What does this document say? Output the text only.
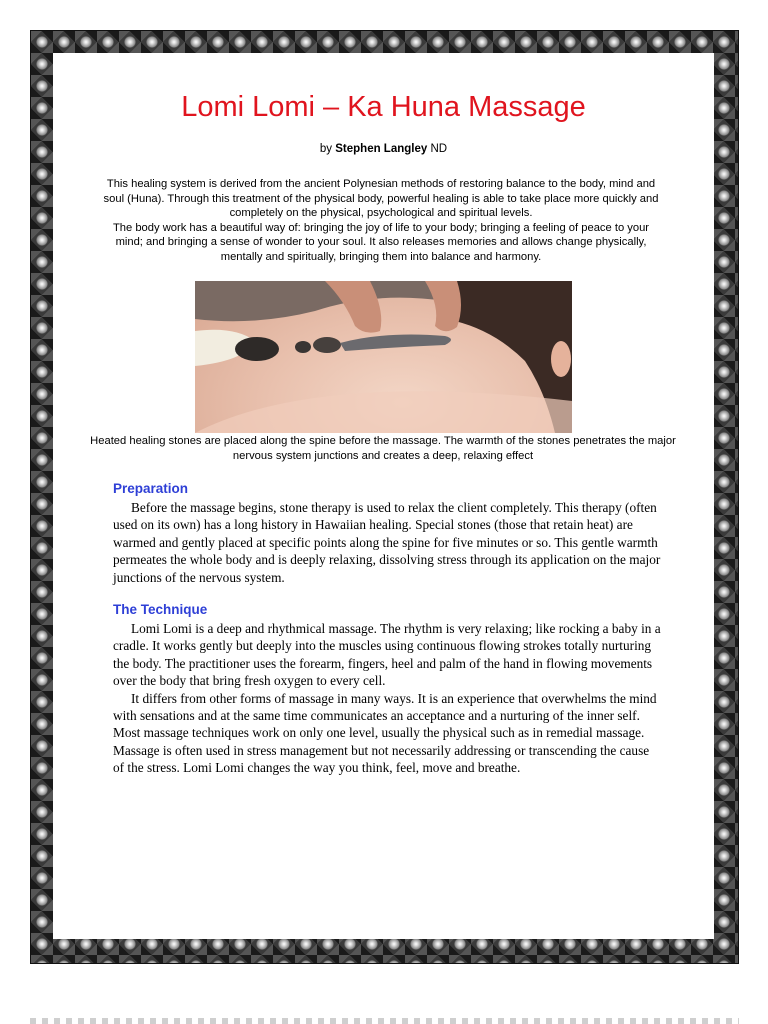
Lomi Lomi – Ka Huna Massage
by Stephen Langley ND

This healing system is derived from the ancient Polynesian methods of restoring balance to the body, mind and soul (Huna). Through this treatment of the physical body, powerful healing is able to take place more quickly and completely on the physical, psychological and spiritual levels.

The body work has a beautiful way of: bringing the joy of life to your body; bringing a feeling of peace to your mind; and bringing a sense of wonder to your soul. It also releases memories and allows change physically, mentally and spiritually, bringing them into balance and harmony.

Heated healing stones are placed along the spine before the massage. The warmth of the stones penetrates the major nervous system junctions and creates a deep, relaxing effect
Preparation

Before the massage begins, stone therapy is used to relax the client completely. This therapy (often used on its own) has a long history in Hawaiian healing. Special stones (those that retain heat) are warmed and gently placed at specific points along the spine for five minutes or so. This gentle warmth permeates the whole body and is deeply relaxing, dissolving stress through its application on the major junctions of the nervous system.

The Technique

Lomi Lomi is a deep and rhythmical massage. The rhythm is very relaxing; like rocking a baby in a cradle. It works gently but deeply into the muscles using continuous flowing strokes totally nurturing the body. The practitioner uses the forearm, fingers, heel and palm of the hand in flowing movements over the body that bring fresh oxygen to every cell.

It differs from other forms of massage in many ways. It is an experience that overwhelms the mind with sensations and at the same time communicates an acceptance and a nurturing of the inner self. Most massage techniques work on only one level, usually the physical such as in remedial massage. Massage is often used in stress management but not necessarily addressing or transcending the cause of the stress. Lomi Lomi changes the way you think, feel, move and breathe.
